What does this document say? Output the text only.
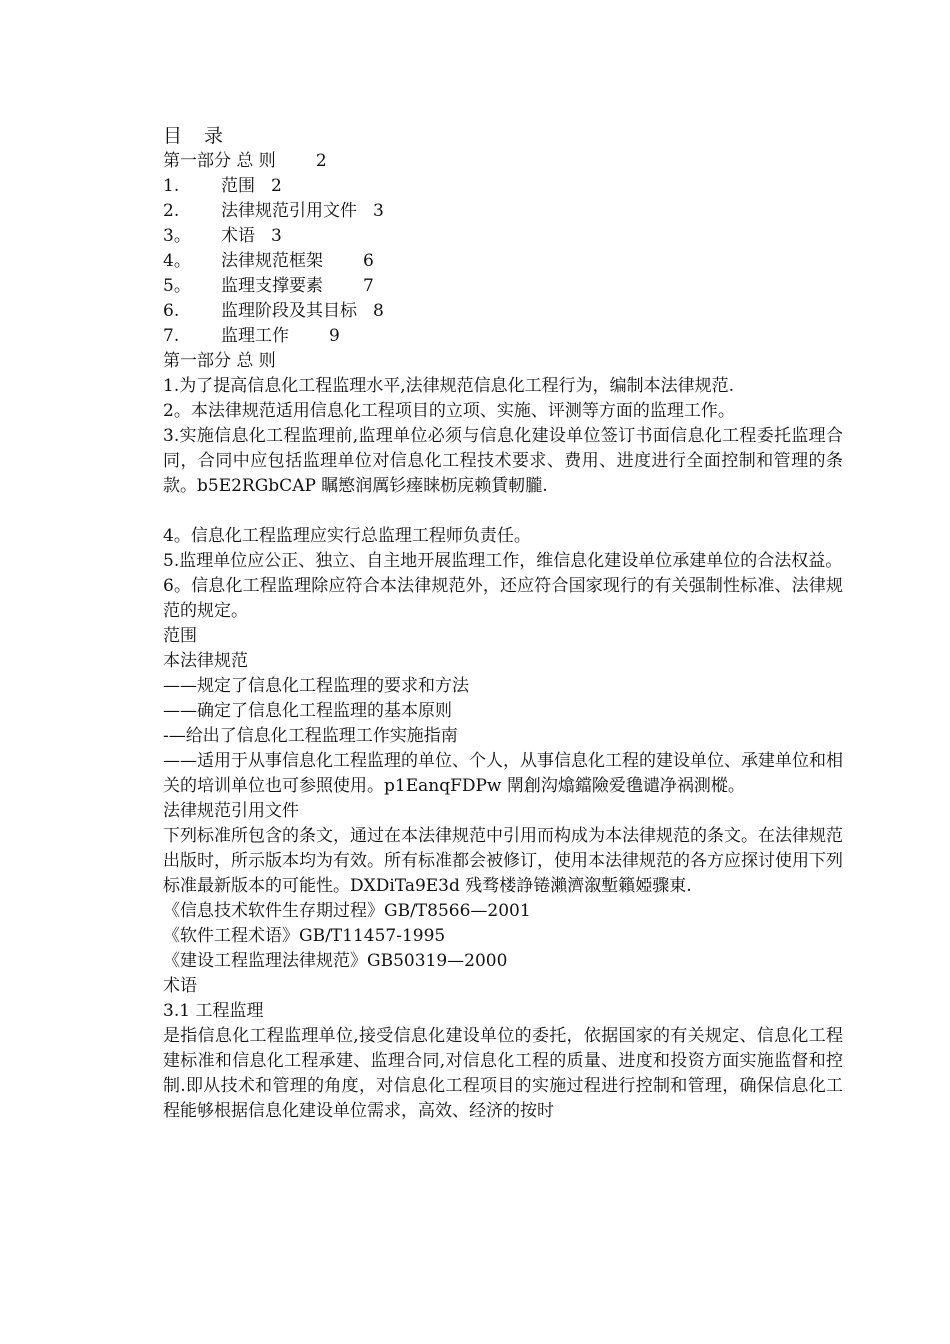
目 录
第一部分 总 则 2
1.	范围 2
2.	法律规范引用文件 3
3。	术语 3
4。	法律规范框架 6
5。	监理支撑要素 7
6.	监理阶段及其目标 8
7.	监理工作 9
第一部分 总 则
1.为了提高信息化工程监理水平,法律规范信息化工程行为，编制本法律规范.
2。本法律规范适用信息化工程项目的立项、实施、评测等方面的监理工作。
3.实施信息化工程监理前,监理单位必须与信息化建设单位签订书面信息化工程委托监理合同，合同中应包括监理单位对信息化工程技术要求、费用、进度进行全面控制和管理的条款。b5E2RGbCAP 瞩慜润厲钐瘗睐枥庑赖賃軔朧.
4。信息化工程监理应实行总监理工程师负责任。
5.监理单位应公正、独立、自主地开展监理工作，维信息化建设单位承建单位的合法权益。
6。信息化工程监理除应符合本法律规范外，还应符合国家现行的有关强制性标准、法律规范的规定。
范围
本法律规范
——规定了信息化工程监理的要求和方法
——确定了信息化工程监理的基本原则
-—给出了信息化工程监理工作实施指南
——适用于从事信息化工程监理的单位、个人，从事信息化工程的建设单位、承建单位和相关的培训单位也可参照使用。p1EanqFDPw 閛創沟熻鐺險爱氇谴净祸測樅。
法律规范引用文件
下列标准所包含的条文，通过在本法律规范中引用而构成为本法律规范的条文。在法律规范出版时，所示版本均为有效。所有标准都会被修订，使用本法律规范的各方应探讨使用下列标准最新版本的可能性。DXDiTa9E3d 残骛楼諍锩瀨濟溆塹籟婭骤東.
《信息技术软件生存期过程》GB/T8566—2001
《软件工程术语》GB/T11457-1995
《建设工程监理法律规范》GB50319—2000
术语
3.1 工程监理
是指信息化工程监理单位,接受信息化建设单位的委托，依据国家的有关规定、信息化工程建标准和信息化工程承建、监理合同,对信息化工程的质量、进度和投资方面实施监督和控制.即从技术和管理的角度，对信息化工程项目的实施过程进行控制和管理，确保信息化工程能够根据信息化建设单位需求，高效、经济的按时
